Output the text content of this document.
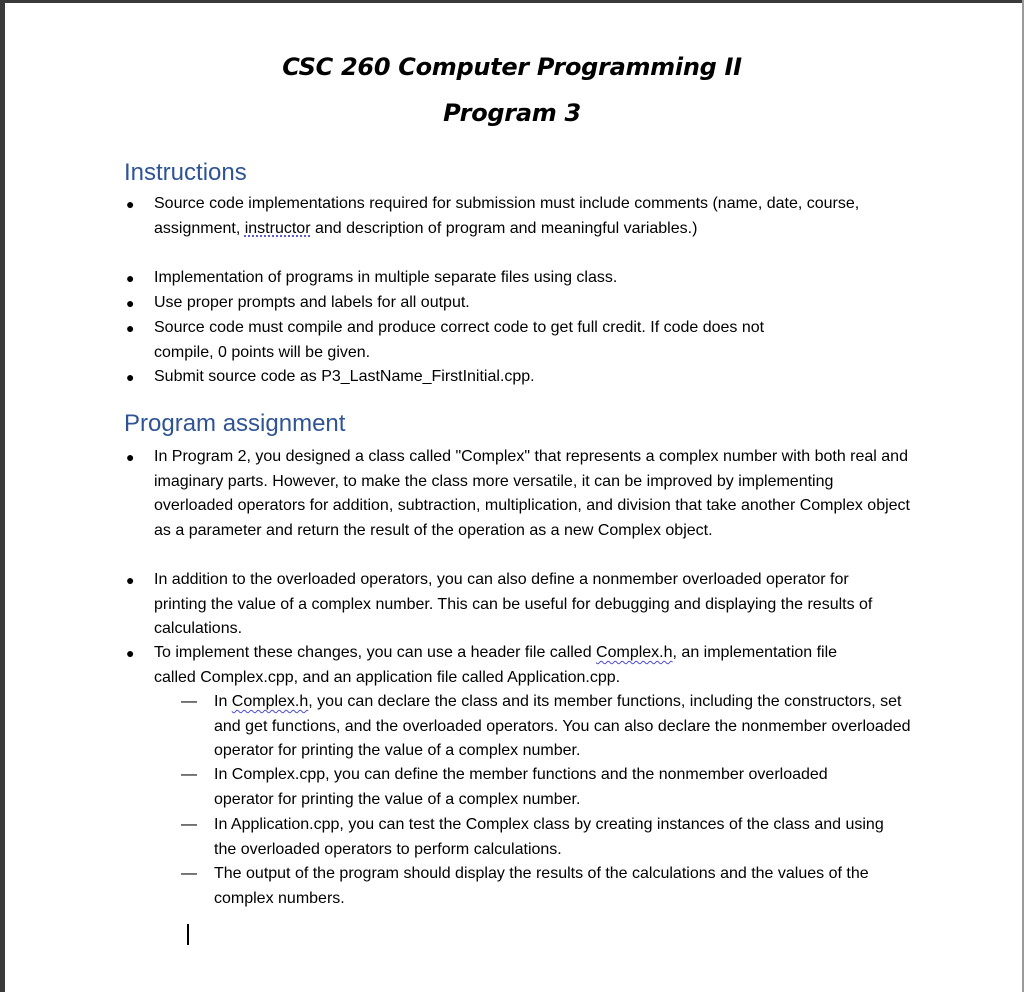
CSC 260 Computer Programming II
Program 3
Instructions
● Source code implementations required for submission must include comments (name, date, course, assignment, instructor and description of program and meaningful variables.)
● Implementation of programs in multiple separate files using class.
● Use proper prompts and labels for all output.
● Source code must compile and produce correct code to get full credit. If code does not compile, 0 points will be given.
● Submit source code as P3_LastName_FirstInitial.cpp.
Program assignment
● In Program 2, you designed a class called "Complex" that represents a complex number with both real and imaginary parts. However, to make the class more versatile, it can be improved by implementing overloaded operators for addition, subtraction, multiplication, and division that take another Complex object as a parameter and return the result of the operation as a new Complex object.
● In addition to the overloaded operators, you can also define a nonmember overloaded operator for printing the value of a complex number. This can be useful for debugging and displaying the results of calculations.
● To implement these changes, you can use a header file called Complex.h, an implementation file called Complex.cpp, and an application file called Application.cpp.
— In Complex.h, you can declare the class and its member functions, including the constructors, set and get functions, and the overloaded operators. You can also declare the nonmember overloaded operator for printing the value of a complex number.
— In Complex.cpp, you can define the member functions and the nonmember overloaded operator for printing the value of a complex number.
— In Application.cpp, you can test the Complex class by creating instances of the class and using the overloaded operators to perform calculations.
— The output of the program should display the results of the calculations and the values of the complex numbers.
